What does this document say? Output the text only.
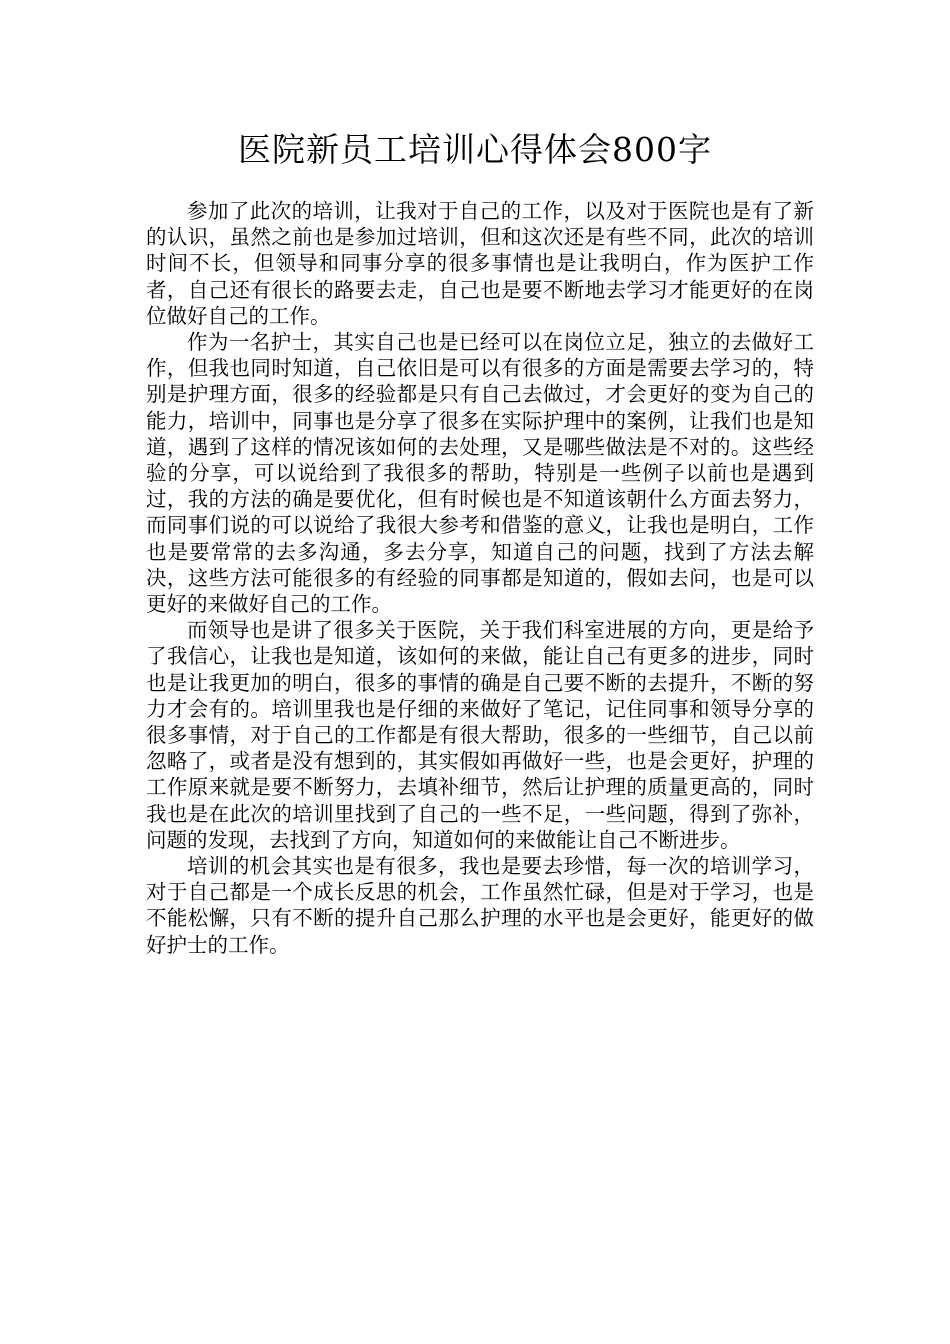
医院新员工培训心得体会800字

参加了此次的培训，让我对于自己的工作，以及对于医院也是有了新的认识，虽然之前也是参加过培训，但和这次还是有些不同，此次的培训时间不长，但领导和同事分享的很多事情也是让我明白，作为医护工作者，自己还有很长的路要去走，自己也是要不断地去学习才能更好的在岗位做好自己的工作。

作为一名护士，其实自己也是已经可以在岗位立足，独立的去做好工作，但我也同时知道，自己依旧是可以有很多的方面是需要去学习的，特别是护理方面，很多的经验都是只有自己去做过，才会更好的变为自己的能力，培训中，同事也是分享了很多在实际护理中的案例，让我们也是知道，遇到了这样的情况该如何的去处理，又是哪些做法是不对的。这些经验的分享，可以说给到了我很多的帮助，特别是一些例子以前也是遇到过，我的方法的确是要优化，但有时候也是不知道该朝什么方面去努力，而同事们说的可以说给了我很大参考和借鉴的意义，让我也是明白，工作也是要常常的去多沟通，多去分享，知道自己的问题，找到了方法去解决，这些方法可能很多的有经验的同事都是知道的，假如去问，也是可以更好的来做好自己的工作。

而领导也是讲了很多关于医院，关于我们科室进展的方向，更是给予了我信心，让我也是知道，该如何的来做，能让自己有更多的进步，同时也是让我更加的明白，很多的事情的确是自己要不断的去提升，不断的努力才会有的。培训里我也是仔细的来做好了笔记，记住同事和领导分享的很多事情，对于自己的工作都是有很大帮助，很多的一些细节，自己以前忽略了，或者是没有想到的，其实假如再做好一些，也是会更好，护理的工作原来就是要不断努力，去填补细节，然后让护理的质量更高的，同时我也是在此次的培训里找到了自己的一些不足，一些问题，得到了弥补，问题的发现，去找到了方向，知道如何的来做能让自己不断进步。

培训的机会其实也是有很多，我也是要去珍惜，每一次的培训学习，对于自己都是一个成长反思的机会，工作虽然忙碌，但是对于学习，也是不能松懈，只有不断的提升自己那么护理的水平也是会更好，能更好的做好护士的工作。
